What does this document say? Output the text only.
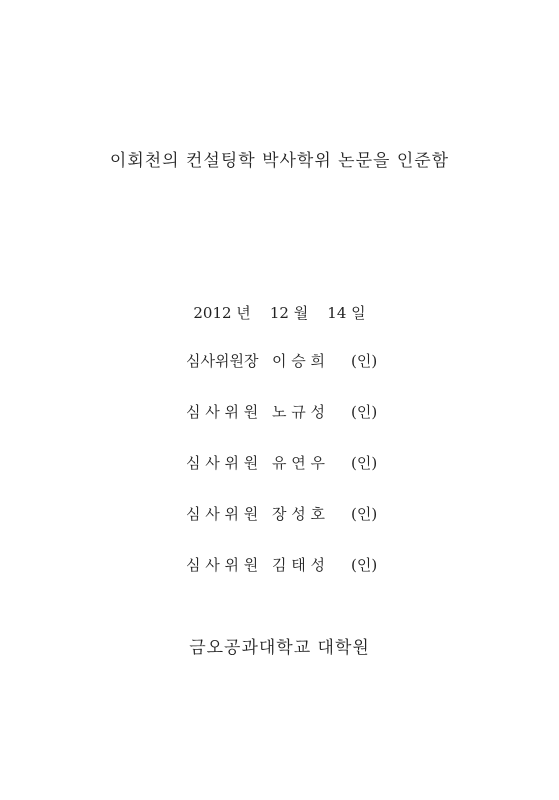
이회천의 컨설팅학 박사학위 논문을 인준함
2012 년    12 월    14 일
심사위원장 이 승 희 (인)
심 사 위 원 노 규 성 (인)
심 사 위 원 유 연 우 (인)
심 사 위 원 장 성 호 (인)
심 사 위 원 김 태 성 (인)
금오공과대학교 대학원
